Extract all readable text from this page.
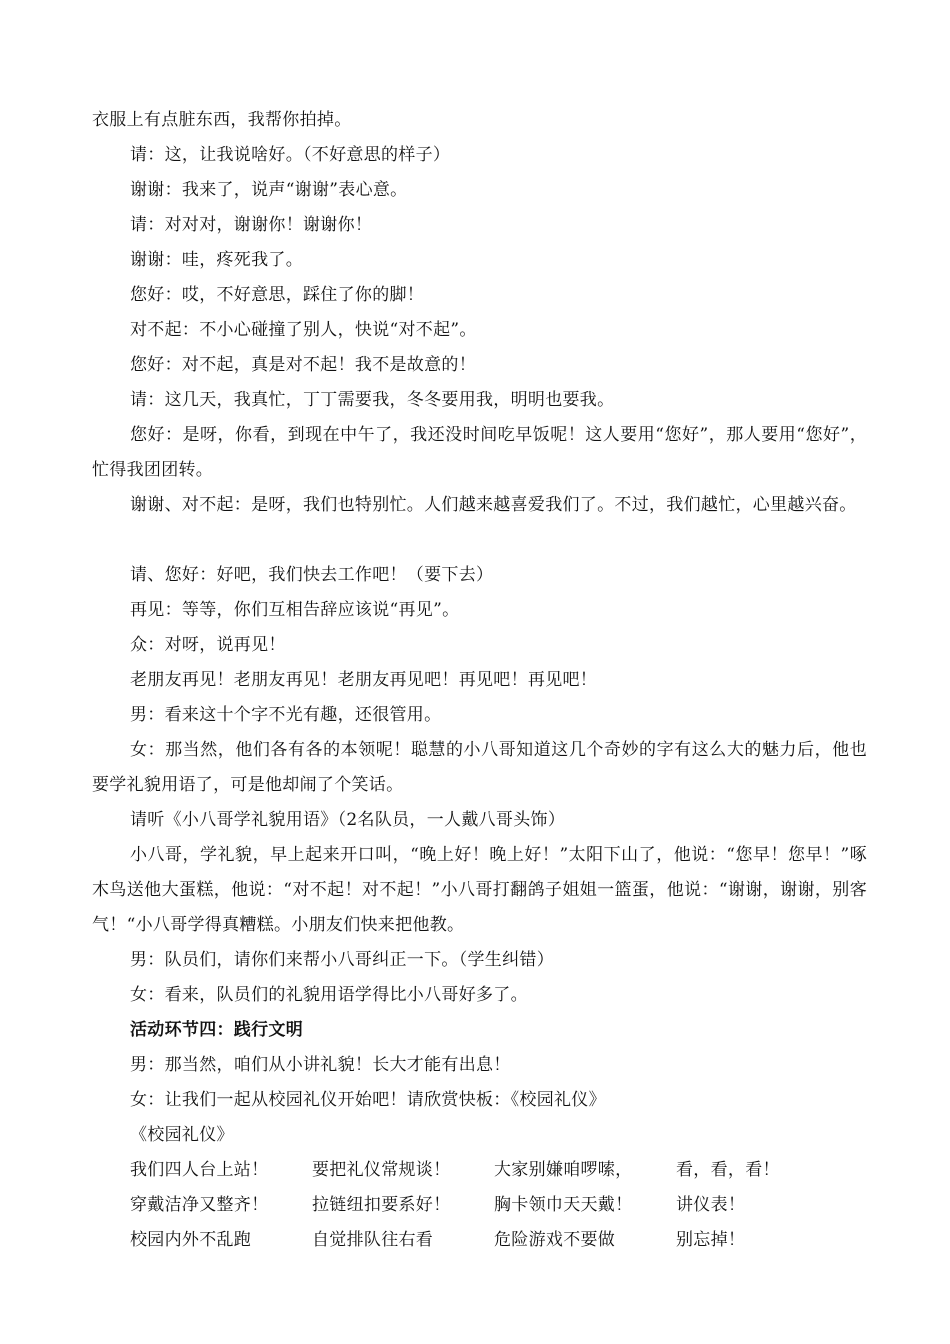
衣服上有点脏东西，我帮你拍掉。
请：这，让我说啥好。（不好意思的样子）
谢谢：我来了，说声“谢谢”表心意。
请：对对对，谢谢你！谢谢你！
谢谢：哇，疼死我了。
您好：哎，不好意思，踩住了你的脚！
对不起：不小心碰撞了别人，快说“对不起”。
您好：对不起，真是对不起！我不是故意的！
请：这几天，我真忙，丁丁需要我，冬冬要用我，明明也要我。
您好：是呀，你看，到现在中午了，我还没时间吃早饭呢！这人要用“您好”，那人要用“您好”，忙得我团团转。
谢谢、对不起：是呀，我们也特别忙。人们越来越喜爱我们了。不过，我们越忙，心里越兴奋。
请、您好：好吧，我们快去工作吧！（要下去）
再见：等等，你们互相告辞应该说“再见”。
众：对呀，说再见！
老朋友再见！老朋友再见！老朋友再见吧！再见吧！再见吧！
男：看来这十个字不光有趣，还很管用。
女：那当然，他们各有各的本领呢！聪慧的小八哥知道这几个奇妙的字有这么大的魅力后，他也要学礼貌用语了，可是他却闹了个笑话。
请听《小八哥学礼貌用语》（2名队员，一人戴八哥头饰）
小八哥，学礼貌，早上起来开口叫，“晚上好！晚上好！”太阳下山了，他说：“您早！您早！”啄木鸟送他大蛋糕，他说：“对不起！对不起！”小八哥打翻鸽子姐姐一篮蛋，他说：“谢谢，谢谢，别客气！“小八哥学得真糟糕。小朋友们快来把他教。
男：队员们，请你们来帮小八哥纠正一下。（学生纠错）
女：看来，队员们的礼貌用语学得比小八哥好多了。
活动环节四：践行文明
男：那当然，咱们从小讲礼貌！长大才能有出息！
女：让我们一起从校园礼仪开始吧！请欣赏快板：《校园礼仪》
《校园礼仪》
我们四人台上站！	要把礼仪常规谈！	大家别嫌咱啰嗦，	看，看，看！
穿戴洁净又整齐！	拉链纽扣要系好！	胸卡领巾天天戴！	讲仪表！
校园内外不乱跑	自觉排队往右看	危险游戏不要做	别忘掉！
